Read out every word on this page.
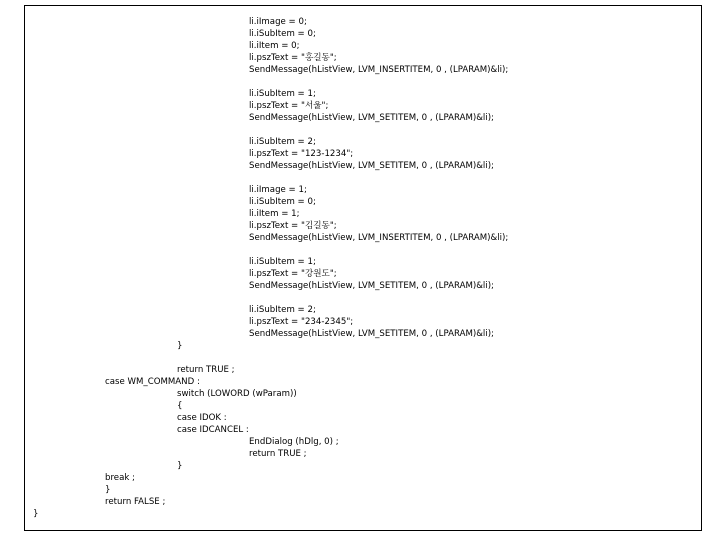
li.iImage = 0;
li.iSubItem = 0;
li.iItem = 0;
li.pszText = "홍길동";
SendMessage(hListView, LVM_INSERTITEM, 0 , (LPARAM)&li);
li.iSubItem = 1;
li.pszText = "서울";
SendMessage(hListView, LVM_SETITEM, 0 , (LPARAM)&li);
li.iSubItem = 2;
li.pszText = "123-1234";
SendMessage(hListView, LVM_SETITEM, 0 , (LPARAM)&li);
li.iImage = 1;
li.iSubItem = 0;
li.iItem = 1;
li.pszText = "김길동";
SendMessage(hListView, LVM_INSERTITEM, 0 , (LPARAM)&li);
li.iSubItem = 1;
li.pszText = "강원도";
SendMessage(hListView, LVM_SETITEM, 0 , (LPARAM)&li);
li.iSubItem = 2;
li.pszText = "234-2345";
SendMessage(hListView, LVM_SETITEM, 0 , (LPARAM)&li);
}
return TRUE ;
case WM_COMMAND :
switch (LOWORD (wParam))
{
case IDOK :
case IDCANCEL :
EndDialog (hDlg, 0) ;
return TRUE ;
}
break ;
}
return FALSE ;
}
